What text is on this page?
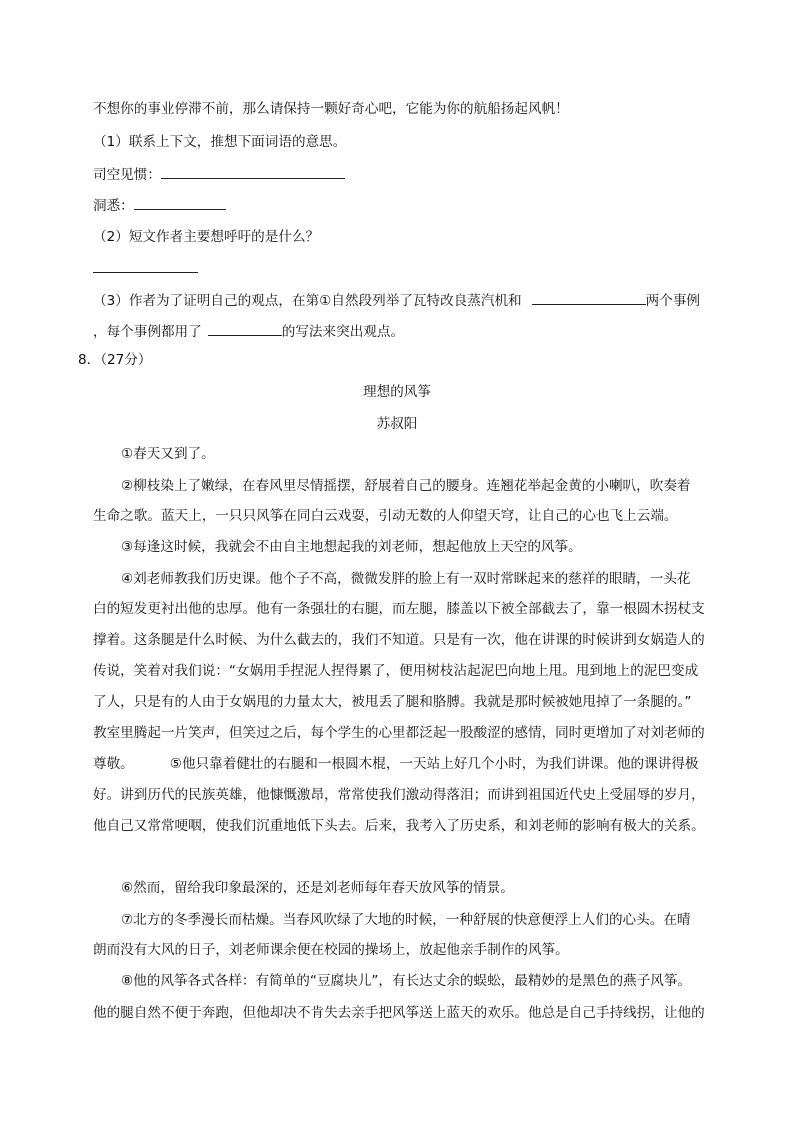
不想你的事业停滞不前，那么请保持一颗好奇心吧，它能为你的航船扬起风帆！
（1）联系上下文，推想下面词语的意思。
司空见惯：
洞悉：
（2）短文作者主要想呼吁的是什么？
（3）作者为了证明自己的观点，在第①自然段列举了瓦特改良蒸汽机和	两个事例
，每个事例都用了	的写法来突出观点。
8．（27分）
理想的风筝
苏叔阳
①春天又到了。
②柳枝染上了嫩绿，在春风里尽情摇摆，舒展着自己的腰身。连翘花举起金黄的小喇叭，吹奏着
生命之歌。蓝天上，一只只风筝在同白云戏耍，引动无数的人仰望天穹，让自己的心也飞上云端。
③每逢这时候，我就会不由自主地想起我的刘老师，想起他放上天空的风筝。
④刘老师教我们历史课。他个子不高，微微发胖的脸上有一双时常眯起来的慈祥的眼睛，一头花
白的短发更衬出他的忠厚。他有一条强壮的右腿，而左腿，膝盖以下被全部截去了，靠一根圆木拐杖支
撑着。这条腿是什么时候、为什么截去的，我们不知道。只是有一次，他在讲课的时候讲到女娲造人的
传说，笑着对我们说：“女娲用手捏泥人捏得累了，便用树枝沾起泥巴向地上甩。甩到地上的泥巴变成
了人，只是有的人由于女娲甩的力量太大，被甩丢了腿和胳膊。我就是那时候被她甩掉了一条腿的。”
教室里腾起一片笑声，但笑过之后，每个学生的心里都泛起一股酸涩的感情，同时更增加了对刘老师的
尊敬。	⑤他只靠着健壮的右腿和一根圆木棍，一天站上好几个小时，为我们讲课。他的课讲得极
好。讲到历代的民族英雄，他慷慨激昂，常常使我们激动得落泪；而讲到祖国近代史上受屈辱的岁月，
他自己又常常哽咽，使我们沉重地低下头去。后来，我考入了历史系，和刘老师的影响有极大的关系。
⑥然而，留给我印象最深的，还是刘老师每年春天放风筝的情景。
⑦北方的冬季漫长而枯燥。当春风吹绿了大地的时候，一种舒展的快意便浮上人们的心头。在晴
朗而没有大风的日子，刘老师课余便在校园的操场上，放起他亲手制作的风筝。
⑧他的风筝各式各样：有简单的“豆腐块儿”，有长达丈余的蜈蚣，最精妙的是黑色的燕子风筝。
他的腿自然不便于奔跑，但他却决不肯失去亲手把风筝送上蓝天的欢乐。他总是自己手持线拐，让他的
